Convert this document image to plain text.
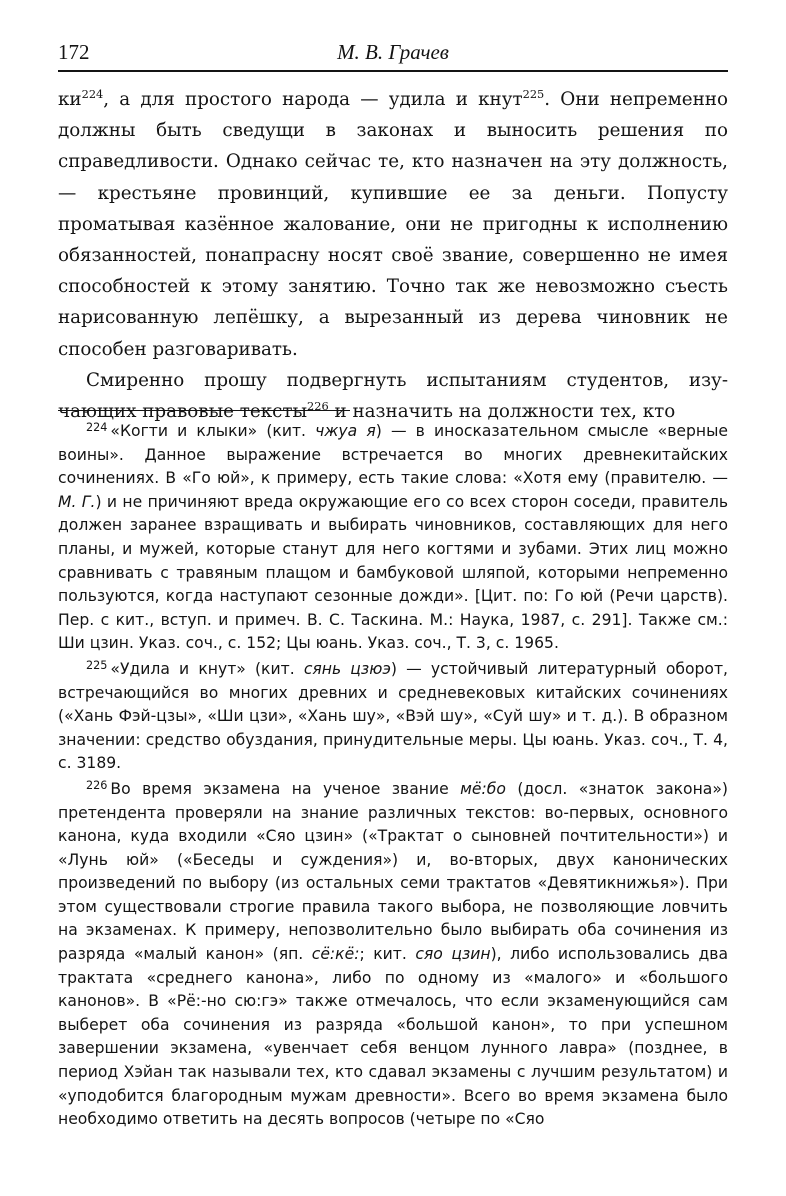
172	М. В. Грачев

$ки^{224}$, а для простого народа — удила и кнут$^{225}$. Они непременно должны быть сведущи в законах и выносить решения по справедливости. Однако сейчас те, кто назначен на эту должность, — крестьяне провинций, купившие ее за деньги. Попусту проматывая казённое жалование, они не пригодны к исполнению обязанностей, понапрасну носят своё звание, совершенно не имея способностей к этому занятию. Точно так же невозможно съесть нарисованную лепёшку, а вырезанный из дерева чиновник не способен разговаривать.

Смиренно прошу подвергнуть испытаниям студентов, изучающих правовые тексты$^{226}$ и назначить на должности тех, кто

$^{224}$ «Когти и клыки» (кит. чжуа я) — в иносказательном смысле «верные воины». Данное выражение встречается во многих древнекитайских сочинениях. В «Го юй», к примеру, есть такие слова: «Хотя ему (правителю. — М. Г.) и не причиняют вреда окружающие его со всех сторон соседи, правитель должен заранее взращивать и выбирать чиновников, составляющих для него планы, и мужей, которые станут для него когтями и зубами. Этих лиц можно сравнивать с травяным плащом и бамбуковой шляпой, которыми непременно пользуются, когда наступают сезонные дожди». [Цит. по: Го юй (Речи царств). Пер. с кит., вступ. и примеч. В. С. Таскина. М.: Наука, 1987, с. 291]. Также см.: Ши цзин. Указ. соч., с. 152; Цы юань. Указ. соч., Т. 3, с. 1965.

$^{225}$ «Удила и кнут» (кит. сянь цзюэ) — устойчивый литературный оборот, встречающийся во многих древних и средневековых китайских сочинениях («Хань Фэй-цзы», «Ши цзи», «Хань шу», «Вэй шу», «Суй шу» и т. д.). В образном значении: средство обуздания, принудительные меры. Цы юань. Указ. соч., Т. 4, с. 3189.

$^{226}$ Во время экзамена на ученое звание мё:бо (досл. «знаток закона») претендента проверяли на знание различных текстов: во-первых, основного канона, куда входили «Сяо цзин» («Трактат о сыновней почтительности») и «Лунь юй» («Беседы и суждения») и, во-вторых, двух канонических произведений по выбору (из остальных семи трактатов «Девятикнижья»). При этом существовали строгие правила такого выбора, не позволяющие ловчить на экзаменах. К примеру, непозволительно было выбирать оба сочинения из разряда «малый канон» (яп. сё:кё:; кит. сяо цзин), либо использовались два трактата «среднего канона», либо по одному из «малого» и «большого канонов». В «Рё:-но сю:гэ» также отмечалось, что если экзаменующийся сам выберет оба сочинения из разряда «большой канон», то при успешном завершении экзамена, «увенчает себя венцом лунного лавра» (позднее, в период Хэйан так называли тех, кто сдавал экзамены с лучшим результатом) и «уподобится благородным мужам древности». Всего во время экзамена было необходимо ответить на десять вопросов (четыре по «Сяо
